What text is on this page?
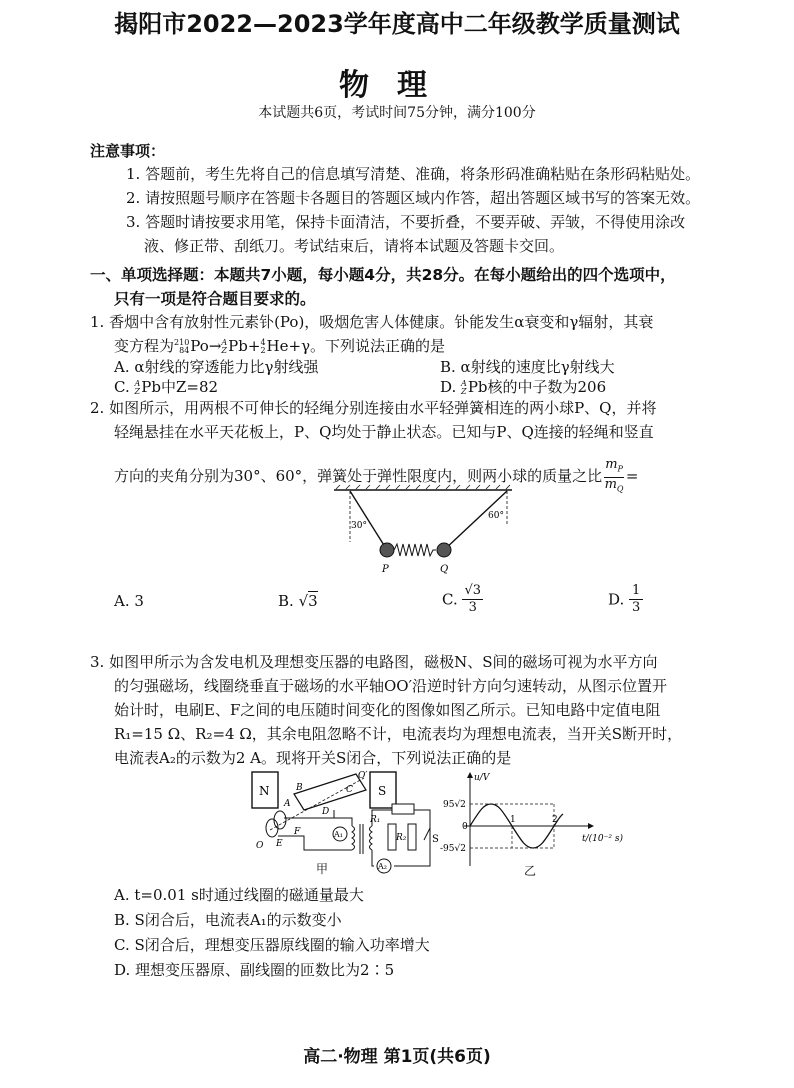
揭阳市2022—2023学年度高中二年级教学质量测试
物理
本试题共6页，考试时间75分钟，满分100分
注意事项：
1. 答题前，考生先将自己的信息填写清楚、准确，将条形码准确粘贴在条形码粘贴处。
2. 请按照题号顺序在答题卡各题目的答题区域内作答，超出答题区域书写的答案无效。
3. 答题时请按要求用笔，保持卡面清洁，不要折叠，不要弄破、弄皱，不得使用涂改
液、修正带、刮纸刀。考试结束后，请将本试题及答题卡交回。
一、单项选择题：本题共7小题，每小题4分，共28分。在每小题给出的四个选项中，
只有一项是符合题目要求的。
1. 香烟中含有放射性元素钋(Po)，吸烟危害人体健康。钋能发生α衰变和γ辐射，其衰
变方程为210
84Po→A
ZPb+4
2He+γ。下列说法正确的是
A. α射线的穿透能力比γ射线强	B. α射线的速度比γ射线大
C. A
ZPb中Z=82	D. A
ZPb核的中子数为206
2. 如图所示，用两根不可伸长的轻绳分别连接由水平轻弹簧相连的两小球P、Q，并将
轻绳悬挂在水平天花板上，P、Q均处于静止状态。已知与P、Q连接的轻绳和竖直
方向的夹角分别为30°、60°，弹簧处于弹性限度内，则两小球的质量之比 $\frac{m_P}{m_Q}$ =
30°
60°
P	Q
A. 3	B. √3	C. $\frac{√3}{3}$	D. $\frac{1}{3}$
3. 如图甲所示为含发电机及理想变压器的电路图，磁极N、S间的磁场可视为水平方向
的匀强磁场，线圈绕垂直于磁场的水平轴OO′沿逆时针方向匀速转动，从图示位置开
始计时，电刷E、F之间的电压随时间变化的图像如图乙所示。已知电路中定值电阻
R₁=15 Ω、R₂=4 Ω，其余电阻忽略不计，电流表均为理想电流表，当开关S断开时，
电流表A₂的示数为2 A。现将开关S闭合，下列说法正确的是
N	S
O′
B	C
A
D
O E
F	A₁
A₂
R₁
R₂	S
甲
u/V
95√2
0
-95√2
1	2
t/(10⁻² s)
乙
A. t=0.01 s时通过线圈的磁通量最大
B. S闭合后，电流表A₁的示数变小
C. S闭合后，理想变压器原线圈的输入功率增大
D. 理想变压器原、副线圈的匝数比为2∶5
高二·物理 第1页(共6页)
